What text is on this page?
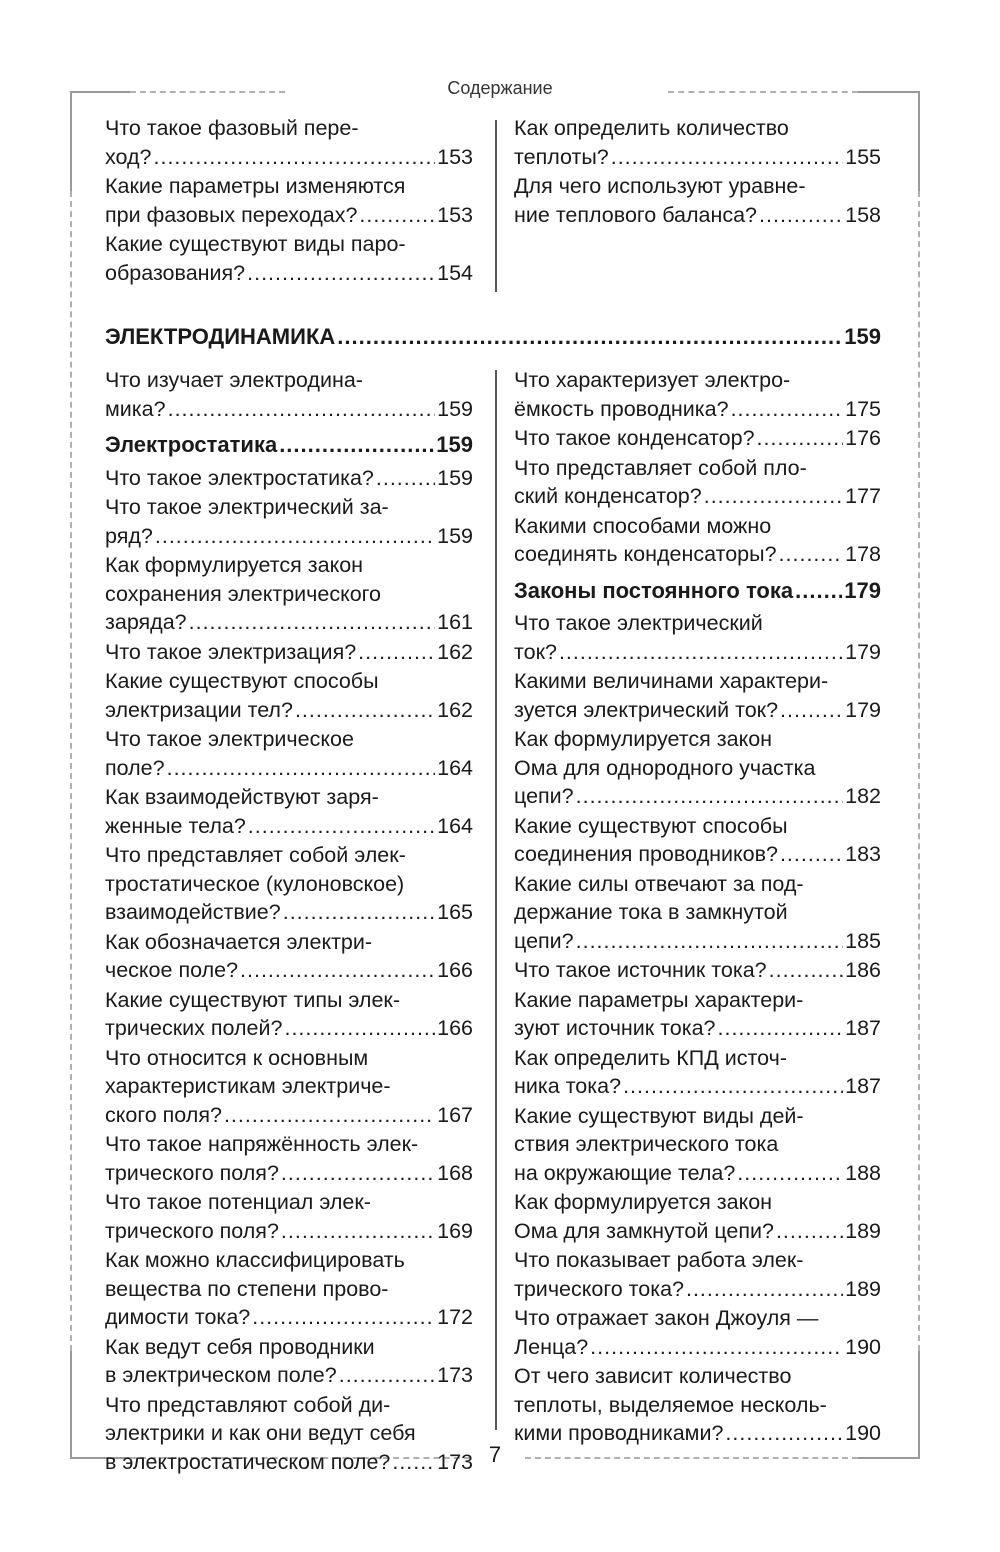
Содержание
Что такое фазовый пере-
ход? .....	153
Какие параметры изменяются
при фазовых переходах? .....	153
Какие существуют виды паро-
образования? .....	154
Как определить количество
теплоты? .....	155
Для чего используют уравне-
ние теплового баланса? .....	158
ЭЛЕКТРОДИНАМИКА .....	159
Что изучает электродина-
мика? .....	159
Электростатика .....	159
Что такое электростатика? .....	159
Что такое электрический за-
ряд? .....	159
Как формулируется закон
сохранения электрического
заряда? .....	161
Что такое электризация? .....	162
Какие существуют способы
электризации тел? .....	162
Что такое электрическое
поле? .....	164
Как взаимодействуют заря-
женные тела? .....	164
Что представляет собой элек-
тростатическое (кулоновское)
взаимодействие? .....	165
Как обозначается электри-
ческое поле? .....	166
Какие существуют типы элек-
трических полей? .....	166
Что относится к основным
характеристикам электриче-
ского поля? .....	167
Что такое напряжённость элек-
трического поля? .....	168
Что такое потенциал элек-
трического поля? .....	169
Как можно классифицировать
вещества по степени прово-
димости тока? .....	172
Как ведут себя проводники
в электрическом поле? .....	173
Что представляют собой ди-
электрики и как они ведут себя
в электростатическом поле? ..... 173
Что характеризует электро-
ёмкость проводника? .....	175
Что такое конденсатор? .....	176
Что представляет собой пло-
ский конденсатор? .....	177
Какими способами можно
соединять конденсаторы? .....	178
Законы постоянного тока ..... 179
Что такое электрический
ток? .....	179
Какими величинами характери-
зуется электрический ток? .....	179
Как формулируется закон
Ома для однородного участка
цепи? .....	182
Какие существуют способы
соединения проводников? .....	183
Какие силы отвечают за под-
держание тока в замкнутой
цепи? .....	185
Что такое источник тока? .....	186
Какие параметры характери-
зуют источник тока? .....	187
Как определить КПД источ-
ника тока? .....	187
Какие существуют виды дей-
ствия электрического тока
на окружающие тела? .....	188
Как формулируется закон
Ома для замкнутой цепи? .....	189
Что показывает работа элек-
трического тока? .....	189
Что отражает закон Джоуля —
Ленца? .....	190
От чего зависит количество
теплоты, выделяемое несколь-
кими проводниками? .....	190
7
